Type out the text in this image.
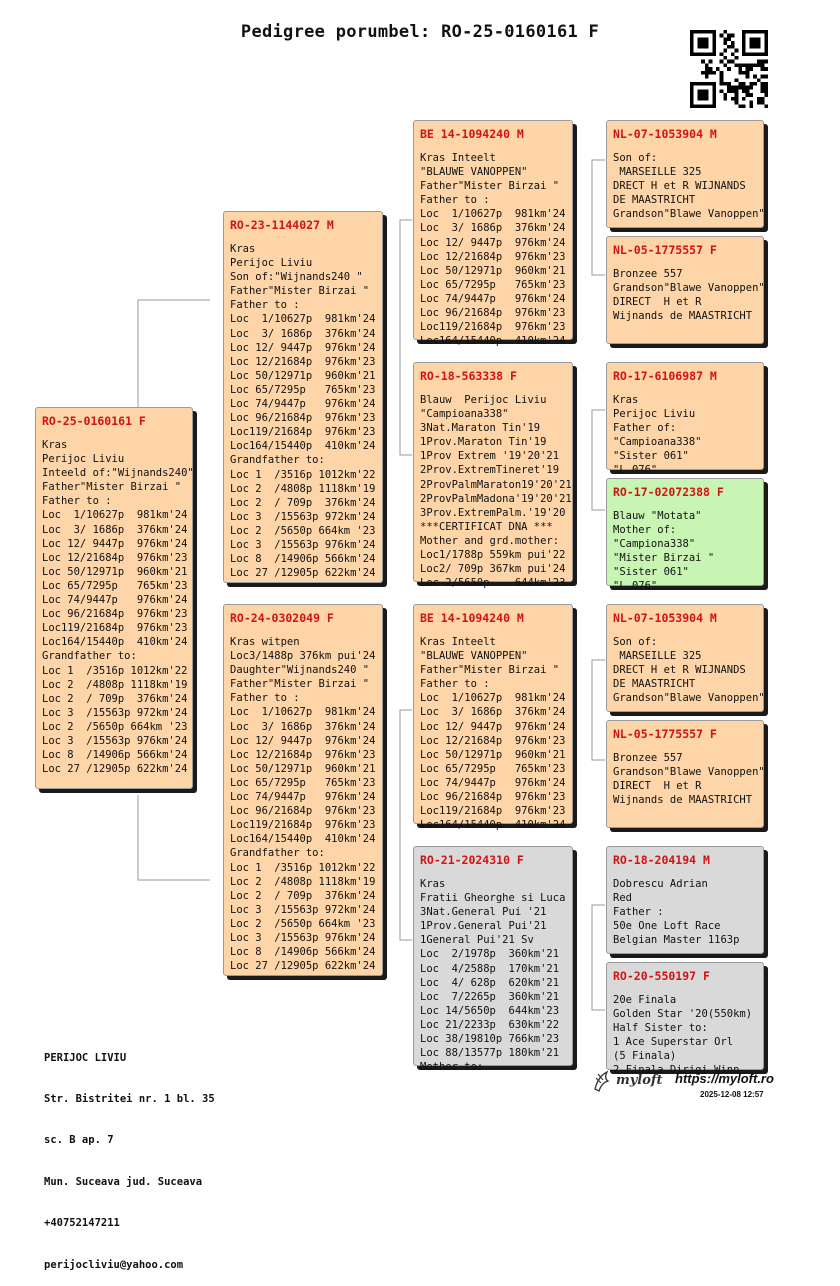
Pedigree porumbel: RO-25-0160161 F
RO-25-0160161 F
Kras
Perijoc Liviu
Inteeld of:"Wijnands240"
Father"Mister Birzai "
Father to :
Loc  1/10627p  981km'24
Loc  3/ 1686p  376km'24
Loc 12/ 9447p  976km'24
Loc 12/21684p  976km'23
Loc 50/12971p  960km'21
Loc 65/7295p   765km'23
Loc 74/9447p   976km'24
Loc 96/21684p  976km'23
Loc119/21684p  976km'23
Loc164/15440p  410km'24
Grandfather to:
Loc 1  /3516p 1012km'22
Loc 2  /4808p 1118km'19
Loc 2  / 709p  376km'24
Loc 3  /15563p 972km'24
Loc 2  /5650p 664km '23
Loc 3  /15563p 976km'24
Loc 8  /14906p 566km'24
Loc 27 /12905p 622km'24
RO-23-1144027 M
Kras
Perijoc Liviu
Son of:"Wijnands240 "
Father"Mister Birzai "
Father to :
Loc  1/10627p  981km'24
Loc  3/ 1686p  376km'24
Loc 12/ 9447p  976km'24
Loc 12/21684p  976km'23
Loc 50/12971p  960km'21
Loc 65/7295p   765km'23
Loc 74/9447p   976km'24
Loc 96/21684p  976km'23
Loc119/21684p  976km'23
Loc164/15440p  410km'24
Grandfather to:
Loc 1  /3516p 1012km'22
Loc 2  /4808p 1118km'19
Loc 2  / 709p  376km'24
Loc 3  /15563p 972km'24
Loc 2  /5650p 664km '23
Loc 3  /15563p 976km'24
Loc 8  /14906p 566km'24
Loc 27 /12905p 622km'24
RO-24-0302049 F
Kras witpen
Loc3/1488p 376km pui'24
Daughter"Wijnands240 "
Father"Mister Birzai "
Father to :
Loc  1/10627p  981km'24
Loc  3/ 1686p  376km'24
Loc 12/ 9447p  976km'24
Loc 12/21684p  976km'23
Loc 50/12971p  960km'21
Loc 65/7295p   765km'23
Loc 74/9447p   976km'24
Loc 96/21684p  976km'23
Loc119/21684p  976km'23
Loc164/15440p  410km'24
Grandfather to:
Loc 1  /3516p 1012km'22
Loc 2  /4808p 1118km'19
Loc 2  / 709p  376km'24
Loc 3  /15563p 972km'24
Loc 2  /5650p 664km '23
Loc 3  /15563p 976km'24
Loc 8  /14906p 566km'24
Loc 27 /12905p 622km'24
BE 14-1094240 M
Kras Inteelt
"BLAUWE VANOPPEN"
Father"Mister Birzai "
Father to :
Loc  1/10627p  981km'24
Loc  3/ 1686p  376km'24
Loc 12/ 9447p  976km'24
Loc 12/21684p  976km'23
Loc 50/12971p  960km'21
Loc 65/7295p   765km'23
Loc 74/9447p   976km'24
Loc 96/21684p  976km'23
Loc119/21684p  976km'23
Loc164/15440p  410km'24
RO-18-563338 F
Blauw  Perijoc Liviu
"Campioana338"
3Nat.Maraton Tin'19
1Prov.Maraton Tin'19
1Prov Extrem '19'20'21
2Prov.ExtremTineret'19
2ProvPalmMaraton19'20'21
2ProvPalmMadona'19'20'21
3Prov.ExtremPalm.'19'20
***CERTIFICAT DNA ***
Mother and grd.mother:
Loc1/1788p 559km pui'22
Loc2/ 709p 367km pui'24
Loc 2/5650p    644km'23
BE 14-1094240 M
Kras Inteelt
"BLAUWE VANOPPEN"
Father"Mister Birzai "
Father to :
Loc  1/10627p  981km'24
Loc  3/ 1686p  376km'24
Loc 12/ 9447p  976km'24
Loc 12/21684p  976km'23
Loc 50/12971p  960km'21
Loc 65/7295p   765km'23
Loc 74/9447p   976km'24
Loc 96/21684p  976km'23
Loc119/21684p  976km'23
Loc164/15440p  410km'24
RO-21-2024310 F
Kras
Fratii Gheorghe si Luca
3Nat.General Pui '21
1Prov.General Pui'21
1General Pui'21 Sv
Loc  2/1978p  360km'21
Loc  4/2588p  170km'21
Loc  4/ 628p  620km'21
Loc  7/2265p  360km'21
Loc 14/5650p  644km'23
Loc 21/2233p  630km'22
Loc 38/19810p 766km'23
Loc 88/13577p 180km'21
Mother to:
NL-07-1053904 M
Son of:
MARSEILLE 325
DRECT H et R WIJNANDS
DE MAASTRICHT
Grandson"Blawe Vanoppen"
NL-05-1775557 F
Bronzee 557
Grandson"Blawe Vanoppen"
DIRECT  H et R
Wijnands de MAASTRICHT
RO-17-6106987 M
Kras
Perijoc Liviu
Father of:
"Campioana338"
"Sister 061"
"L 076"
RO-17-02072388 F
Blauw "Motata"
Mother of:
"Campiona338"
"Mister Birzai "
"Sister 061"
"L 076"
NL-07-1053904 M
Son of:
MARSEILLE 325
DRECT H et R WIJNANDS
DE MAASTRICHT
Grandson"Blawe Vanoppen"
NL-05-1775557 F
Bronzee 557
Grandson"Blawe Vanoppen"
DIRECT  H et R
Wijnands de MAASTRICHT
RO-18-204194 M
Dobrescu Adrian
Red
Father :
50e One Loft Race
Belgian Master 1163p
...
RO-20-550197 F
20e Finala
Golden Star '20(550km)
Half Sister to:
1 Ace Superstar Orl
(5 Finala)
2 Finala Dirigi Winn

PERIJOC LIVIU

Str. Bistritei nr. 1 bl. 35

sc. B ap. 7

Mun. Suceava jud. Suceava

+40752147211

perijocliviu@yahoo.com

myloft https://myloft.ro
2025-12-08 12:57
